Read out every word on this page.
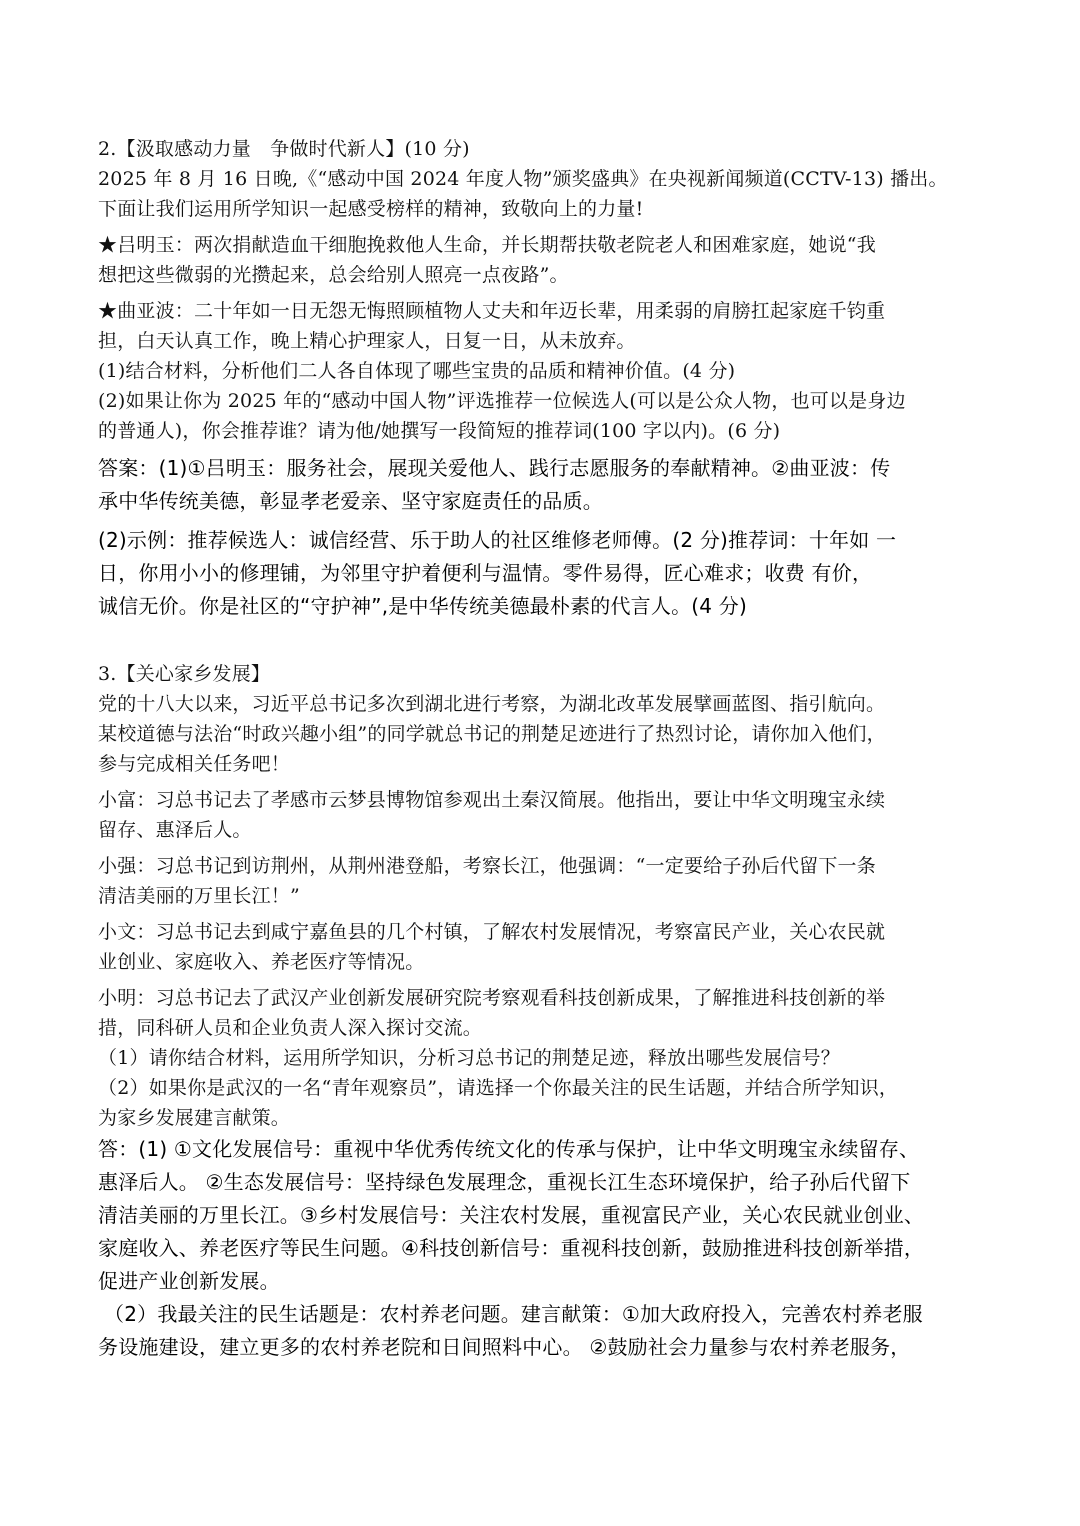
2.【汲取感动力量　争做时代新人】(10 分)
2025 年 8 月 16 日晚,《“感动中国 2024 年度人物”颁奖盛典》在央视新闻频道(CCTV-13) 播出。
下面让我们运用所学知识一起感受榜样的精神，致敬向上的力量!
★吕明玉：两次捐献造血干细胞挽救他人生命，并长期帮扶敬老院老人和困难家庭，她说“我
想把这些微弱的光攒起来，总会给别人照亮一点夜路”。
★曲亚波：二十年如一日无怨无悔照顾植物人丈夫和年迈长辈，用柔弱的肩膀扛起家庭千钧重
担，白天认真工作，晚上精心护理家人，日复一日，从未放弃。
(1)结合材料，分析他们二人各自体现了哪些宝贵的品质和精神价值。(4 分)
(2)如果让你为 2025 年的“感动中国人物”评选推荐一位候选人(可以是公众人物，也可以是身边
的普通人)，你会推荐谁？请为他/她撰写一段简短的推荐词(100 字以内)。(6 分)
答案：(1)①吕明玉：服务社会，展现关爱他人、践行志愿服务的奉献精神。②曲亚波：传
承中华传统美德，彰显孝老爱亲、坚守家庭责任的品质。
(2)示例：推荐候选人：诚信经营、乐于助人的社区维修老师傅。(2 分)推荐词：十年如 一
日，你用小小的修理铺，为邻里守护着便利与温情。零件易得，匠心难求；收费 有价，
诚信无价。你是社区的“守护神”,是中华传统美德最朴素的代言人。(4 分)
3.【关心家乡发展】
党的十八大以来，习近平总书记多次到湖北进行考察，为湖北改革发展擘画蓝图、指引航向。
某校道德与法治“时政兴趣小组”的同学就总书记的荆楚足迹进行了热烈讨论，请你加入他们，
参与完成相关任务吧！
小富：习总书记去了孝感市云梦县博物馆参观出土秦汉简展。他指出，要让中华文明瑰宝永续
留存、惠泽后人。
小强：习总书记到访荆州，从荆州港登船，考察长江，他强调：“一定要给子孙后代留下一条
清洁美丽的万里长江！”
小文：习总书记去到咸宁嘉鱼县的几个村镇，了解农村发展情况，考察富民产业，关心农民就
业创业、家庭收入、养老医疗等情况。
小明：习总书记去了武汉产业创新发展研究院考察观看科技创新成果，了解推进科技创新的举
措，同科研人员和企业负责人深入探讨交流。
（1）请你结合材料，运用所学知识，分析习总书记的荆楚足迹，释放出哪些发展信号？
（2）如果你是武汉的一名“青年观察员”，请选择一个你最关注的民生话题，并结合所学知识，
为家乡发展建言献策。
答：(1) ①文化发展信号：重视中华优秀传统文化的传承与保护，让中华文明瑰宝永续留存、
惠泽后人。 ②生态发展信号：坚持绿色发展理念，重视长江生态环境保护，给子孙后代留下
清洁美丽的万里长江。③乡村发展信号：关注农村发展，重视富民产业，关心农民就业创业、
家庭收入、养老医疗等民生问题。④科技创新信号：重视科技创新，鼓励推进科技创新举措，
促进产业创新发展。
（2）我最关注的民生话题是：农村养老问题。建言献策：①加大政府投入，完善农村养老服
务设施建设，建立更多的农村养老院和日间照料中心。 ②鼓励社会力量参与农村养老服务，
